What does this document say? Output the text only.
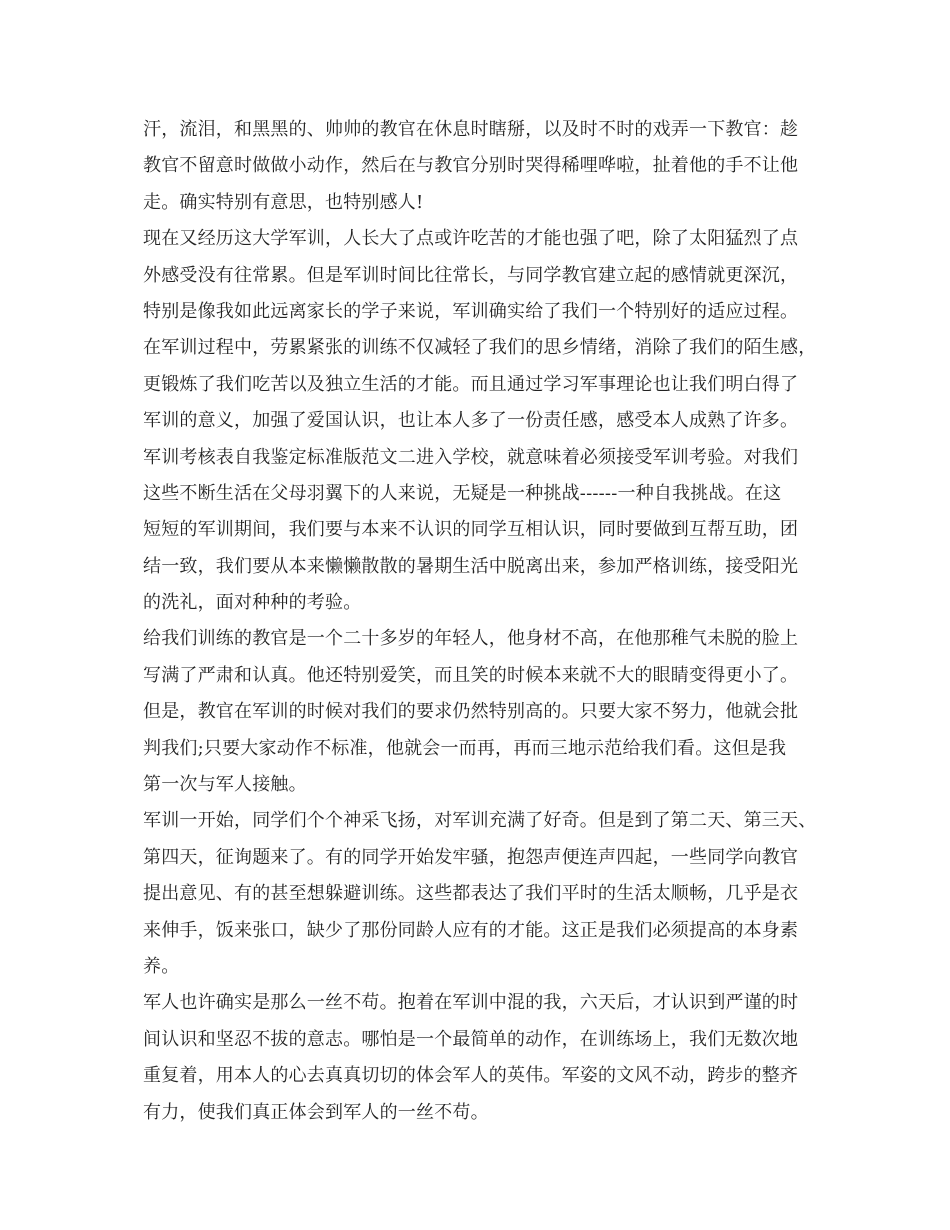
汗，流泪，和黑黑的、帅帅的教官在休息时瞎掰，以及时不时的戏弄一下教官：趁
教官不留意时做做小动作，然后在与教官分别时哭得稀哩哗啦，扯着他的手不让他
走。确实特别有意思，也特别感人!
现在又经历这大学军训，人长大了点或许吃苦的才能也强了吧，除了太阳猛烈了点
外感受没有往常累。但是军训时间比往常长，与同学教官建立起的感情就更深沉，
特别是像我如此远离家长的学子来说，军训确实给了我们一个特别好的适应过程。
在军训过程中，劳累紧张的训练不仅减轻了我们的思乡情绪，消除了我们的陌生感，
更锻炼了我们吃苦以及独立生活的才能。而且通过学习军事理论也让我们明白得了
军训的意义，加强了爱国认识，也让本人多了一份责任感，感受本人成熟了许多。
军训考核表自我鉴定标准版范文二进入学校，就意味着必须接受军训考验。对我们
这些不断生活在父母羽翼下的人来说，无疑是一种挑战------一种自我挑战。在这
短短的军训期间，我们要与本来不认识的同学互相认识，同时要做到互帮互助，团
结一致，我们要从本来懒懒散散的暑期生活中脱离出来，参加严格训练，接受阳光
的洗礼，面对种种的考验。
给我们训练的教官是一个二十多岁的年轻人，他身材不高，在他那稚气未脱的脸上
写满了严肃和认真。他还特别爱笑，而且笑的时候本来就不大的眼睛变得更小了。
但是，教官在军训的时候对我们的要求仍然特别高的。只要大家不努力，他就会批
判我们;只要大家动作不标准，他就会一而再，再而三地示范给我们看。这但是我
第一次与军人接触。
军训一开始，同学们个个神采飞扬，对军训充满了好奇。但是到了第二天、第三天、
第四天，征询题来了。有的同学开始发牢骚，抱怨声便连声四起，一些同学向教官
提出意见、有的甚至想躲避训练。这些都表达了我们平时的生活太顺畅，几乎是衣
来伸手，饭来张口，缺少了那份同龄人应有的才能。这正是我们必须提高的本身素
养。
军人也许确实是那么一丝不苟。抱着在军训中混的我，六天后，才认识到严谨的时
间认识和坚忍不拔的意志。哪怕是一个最简单的动作，在训练场上，我们无数次地
重复着，用本人的心去真真切切的体会军人的英伟。军姿的文风不动，跨步的整齐
有力，使我们真正体会到军人的一丝不苟。
